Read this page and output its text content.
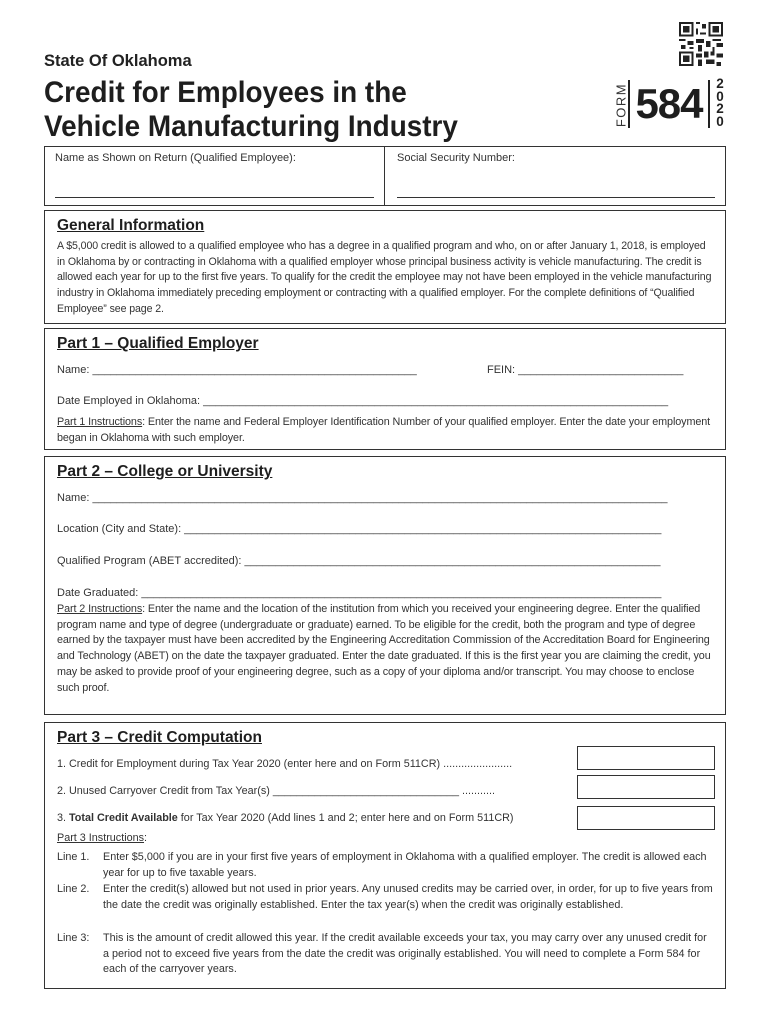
State Of Oklahoma
Credit for Employees in the
Vehicle Manufacturing Industry	FORM 584	2
0
2
0
Name as Shown on Return (Qualified Employee):	Social Security Number:
General Information

A $5,000 credit is allowed to a qualified employee who has a degree in a qualified program and who, on or after January 1, 2018, is employed in Oklahoma by or contracting in Oklahoma with a qualified employer whose principal business activity is vehicle manufacturing. The credit is allowed each year for up to the first five years. To qualify for the credit the employee may not have been employed in the vehicle manufacturing industry in Oklahoma immediately preceding employment or contracting with a qualified employer. For the complete definitions of “Qualified Employee” see page 2.

Part 1 – Qualified Employer
Name: _____________________________________________________	FEIN: ___________________________
Date Employed in Oklahoma: ____________________________________________________________________________

Part 1 Instructions: Enter the name and Federal Employer Identification Number of your qualified employer. Enter the date your employment began in Oklahoma with such employer.

Part 2 – College or University
Name: ______________________________________________________________________________________________
Location (City and State): ______________________________________________________________________________
Qualified Program (ABET accredited): ____________________________________________________________________
Date Graduated: _____________________________________________________________________________________

Part 2 Instructions: Enter the name and the location of the institution from which you received your engineering degree. Enter the qualified program name and type of degree (undergraduate or graduate) earned. To be eligible for the credit, both the program and type of degree earned by the taxpayer must have been accredited by the Engineering Accreditation Commission of the Accreditation Board for Engineering and Technology (ABET) on the date the taxpayer graduated. Enter the date graduated. If this is the first year you are claiming the credit, you may be asked to provide proof of your engineering degree, such as a copy of your diploma and/or transcript. You may choose to enclose such proof.

Part 3 – Credit Computation
1. Credit for Employment during Tax Year 2020 (enter here and on Form 511CR) .......................
2. Unused Carryover Credit from Tax Year(s) _______________________________ ...........
3. Total Credit Available for Tax Year 2020 (Add lines 1 and 2; enter here and on Form 511CR)
Part 3 Instructions:
Line 1. Enter $5,000 if you are in your first five years of employment in Oklahoma with a qualified employer. The credit is allowed each year for up to five taxable years.
Line 2. Enter the credit(s) allowed but not used in prior years. Any unused credits may be carried over, in order, for up to five years from the date the credit was originally established. Enter the tax year(s) when the credit was originally established.
Line 3: This is the amount of credit allowed this year. If the credit available exceeds your tax, you may carry over any unused credit for a period not to exceed five years from the date the credit was originally established. You will need to complete a Form 584 for each of the carryover years.
